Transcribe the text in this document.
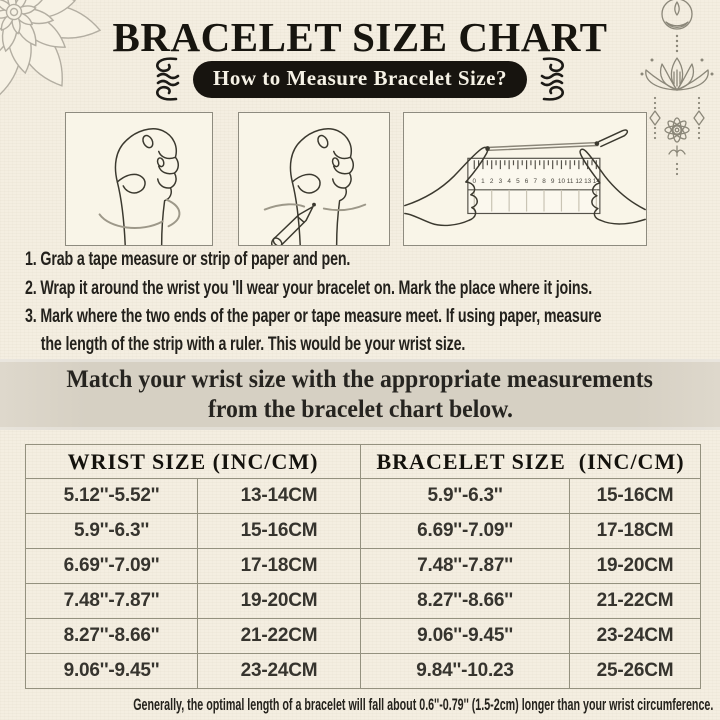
BRACELET SIZE CHART
How to Measure Bracelet Size?
0 1 2 3 4 5 6 7 8 9 10 11 12 13 14
1. Grab a tape measure or strip of paper and pen.
2. Wrap it around the wrist you 'll wear your bracelet on. Mark the place where it joins.
3. Mark where the two ends of the paper or tape measure meet. If using paper, measure
the length of the strip with a ruler. This would be your wrist size.
Match your wrist size with the appropriate measurements
from the bracelet chart below.
WRIST SIZE (INC/CM)		BRACELET SIZE  (INC/CM)	
5.12''-5.52''	13-14CM	5.9''-6.3''	15-16CM
5.9''-6.3''	15-16CM	6.69''-7.09''	17-18CM
6.69''-7.09''	17-18CM	7.48''-7.87''	19-20CM
7.48''-7.87''	19-20CM	8.27''-8.66''	21-22CM
8.27''-8.66''	21-22CM	9.06''-9.45''	23-24CM
9.06''-9.45''	23-24CM	9.84''-10.23	25-26CM
Generally, the optimal length of a bracelet will fall about 0.6''-0.79'' (1.5-2cm) longer than your wrist circumference.
